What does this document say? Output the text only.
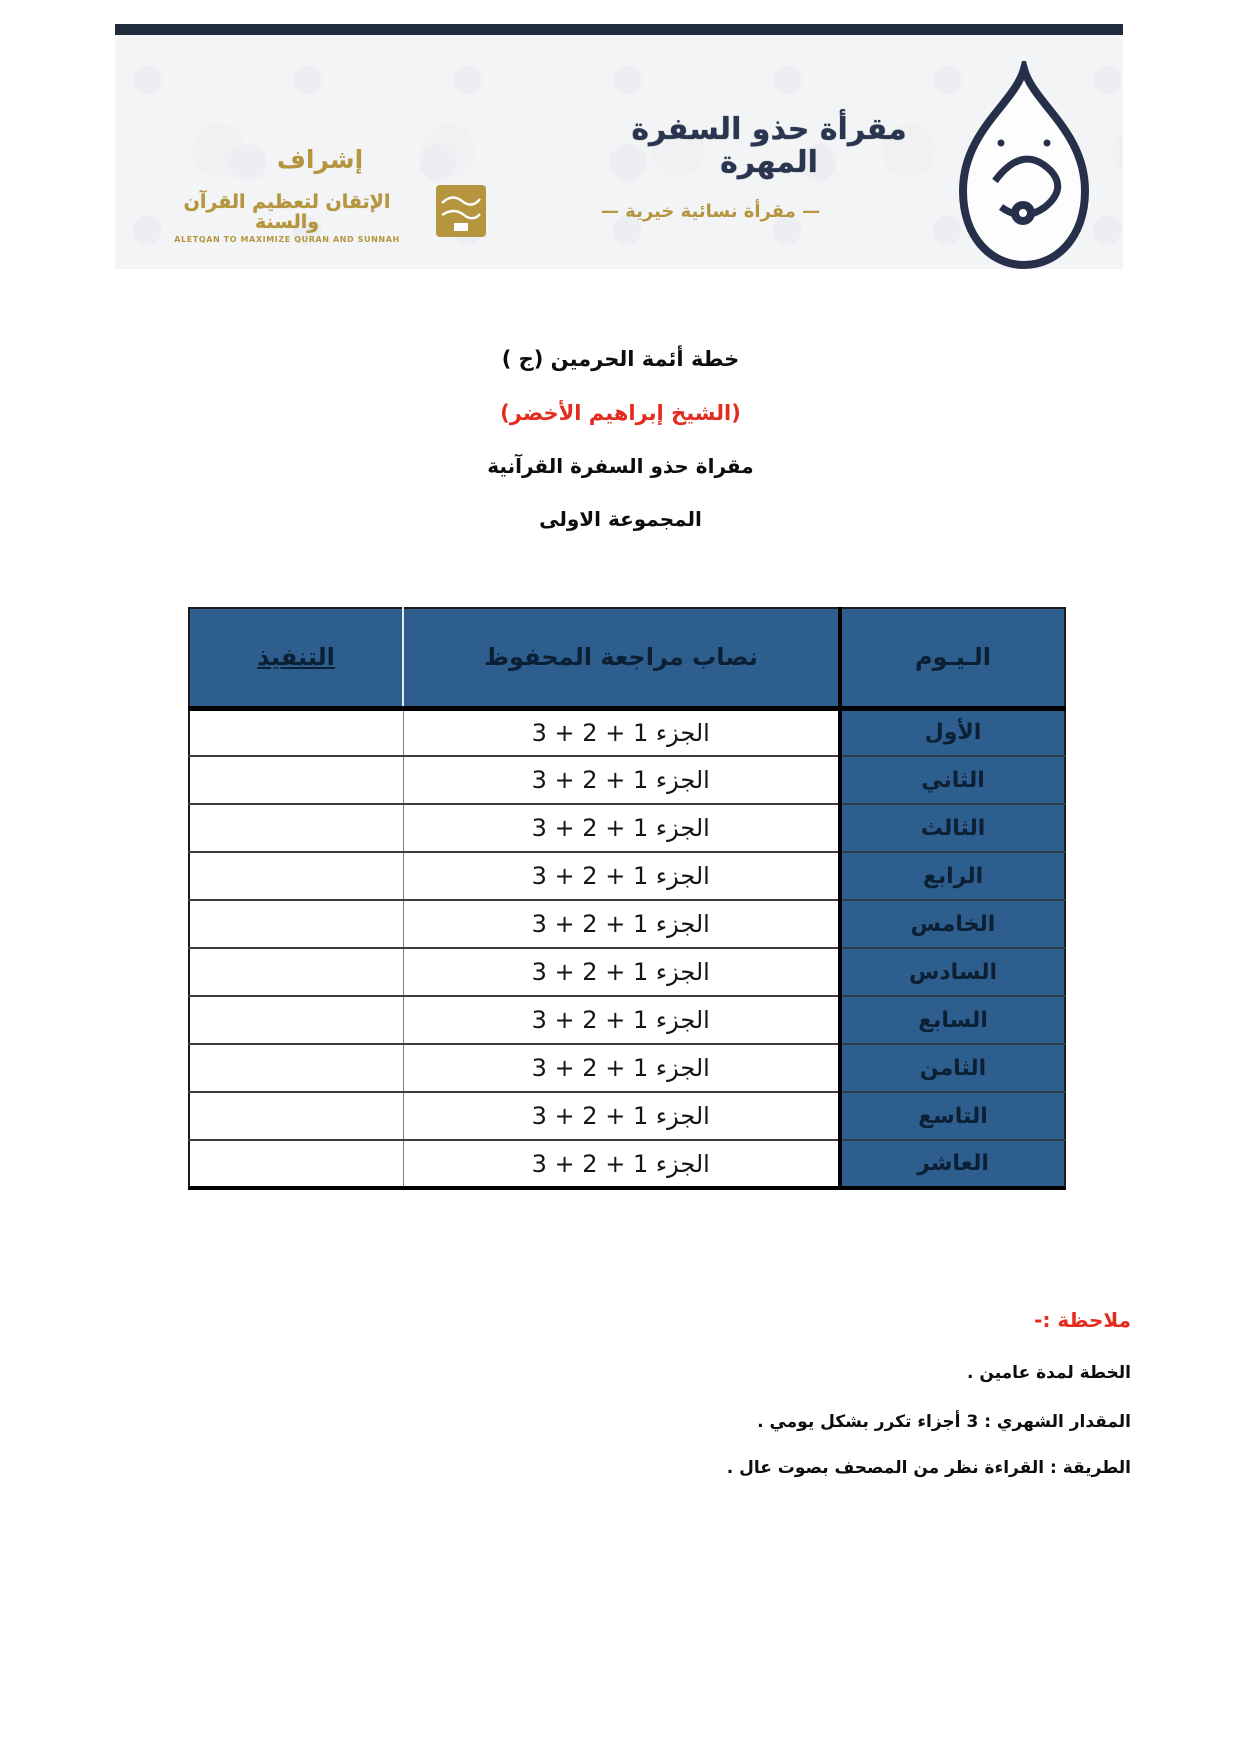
إشراف
الإتقان لتعظيم القرآن والسنة
ALETQAN TO MAXIMIZE QURAN AND SUNNAH
مقرأة حذو السفرة المهرة
— مقرأة نسائية خيرية —
خطة أئمة الحرمين (ج )
(الشيخ إبراهيم الأخضر)
مقراة حذو السفرة القرآنية
المجموعة الاولى
الـيـوم	نصاب مراجعة المحفوظ	التنفيذ
الأول	الجزء 1 + 2 + 3	
الثاني	الجزء 1 + 2 + 3	
الثالث	الجزء 1 + 2 + 3	
الرابع	الجزء 1 + 2 + 3	
الخامس	الجزء 1 + 2 + 3	
السادس	الجزء 1 + 2 + 3	
السابع	الجزء 1 + 2 + 3	
الثامن	الجزء 1 + 2 + 3	
التاسع	الجزء 1 + 2 + 3	
العاشر	الجزء 1 + 2 + 3	
ملاحظة :-
الخطة لمدة عامين .
المقدار الشهري : 3 أجزاء تكرر بشكل يومي .
الطريقة : القراءة نظر من المصحف بصوت عال .
